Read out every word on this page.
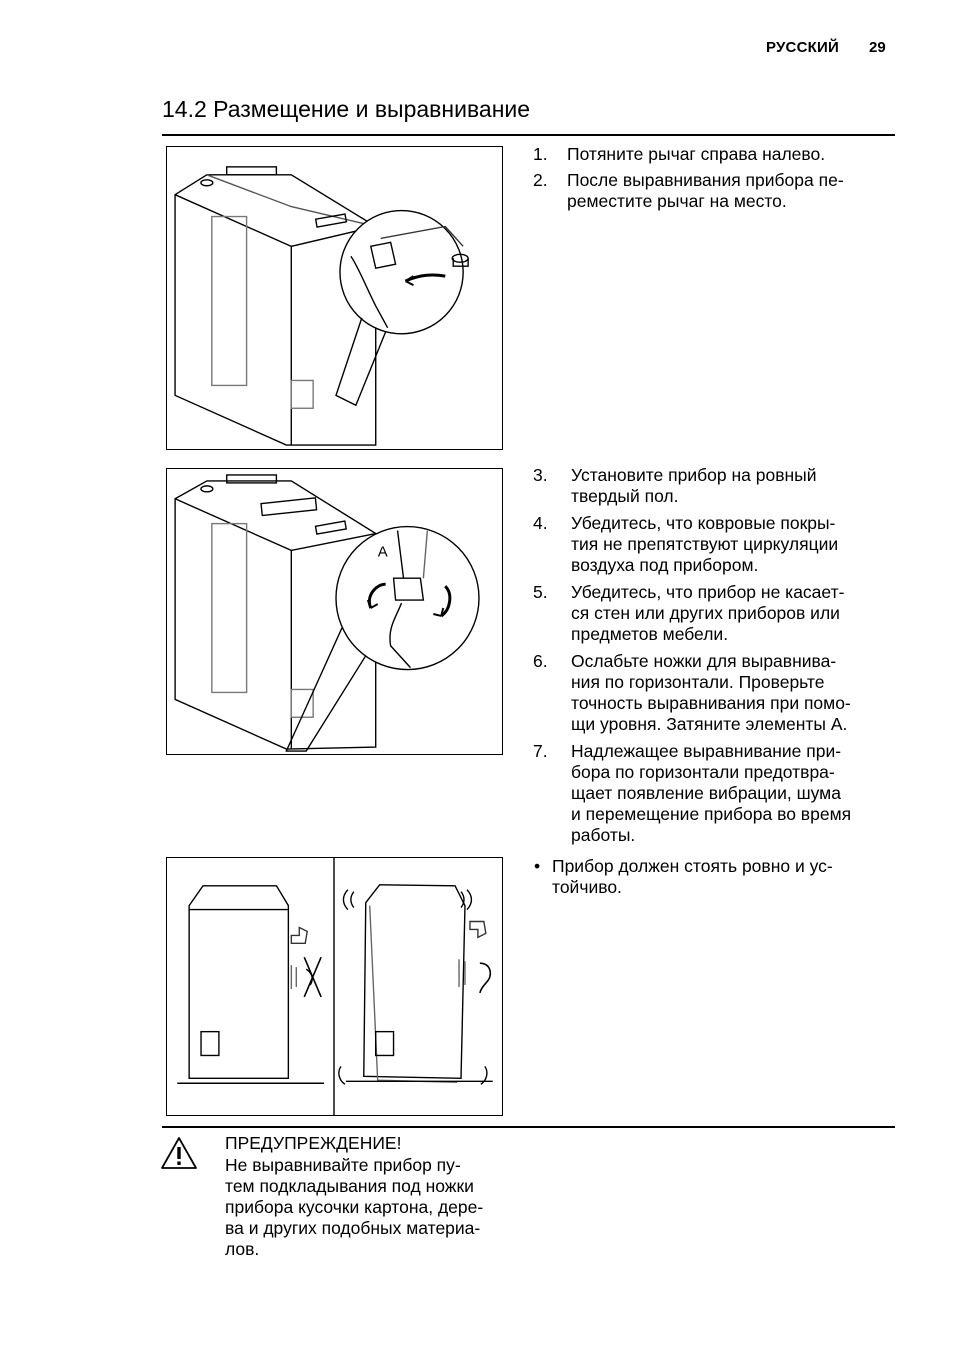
РУССКИЙ 29
14.2 Размещение и выравнивание
A
1. Потяните рычаг справа налево.
2. После выравнивания прибора пе-
реместите рычаг на место.
3. Установите прибор на ровный
твердый пол.
4. Убедитесь, что ковровые покры-
тия не препятствуют циркуляции
воздуха под прибором.
5. Убедитесь, что прибор не касает-
ся стен или других приборов или
предметов мебели.
6. Ослабьте ножки для выравнива-
ния по горизонтали. Проверьте
точность выравнивания при помо-
щи уровня. Затяните элементы А.
7. Надлежащее выравнивание при-
бора по горизонтали предотвра-
щает появление вибрации, шума
и перемещение прибора во время
работы.
• Прибор должен стоять ровно и ус-
тойчиво.
ПРЕДУПРЕЖДЕНИЕ!
Не выравнивайте прибор пу-
тем подкладывания под ножки
прибора кусочки картона, дере-
ва и других подобных материа-
лов.
